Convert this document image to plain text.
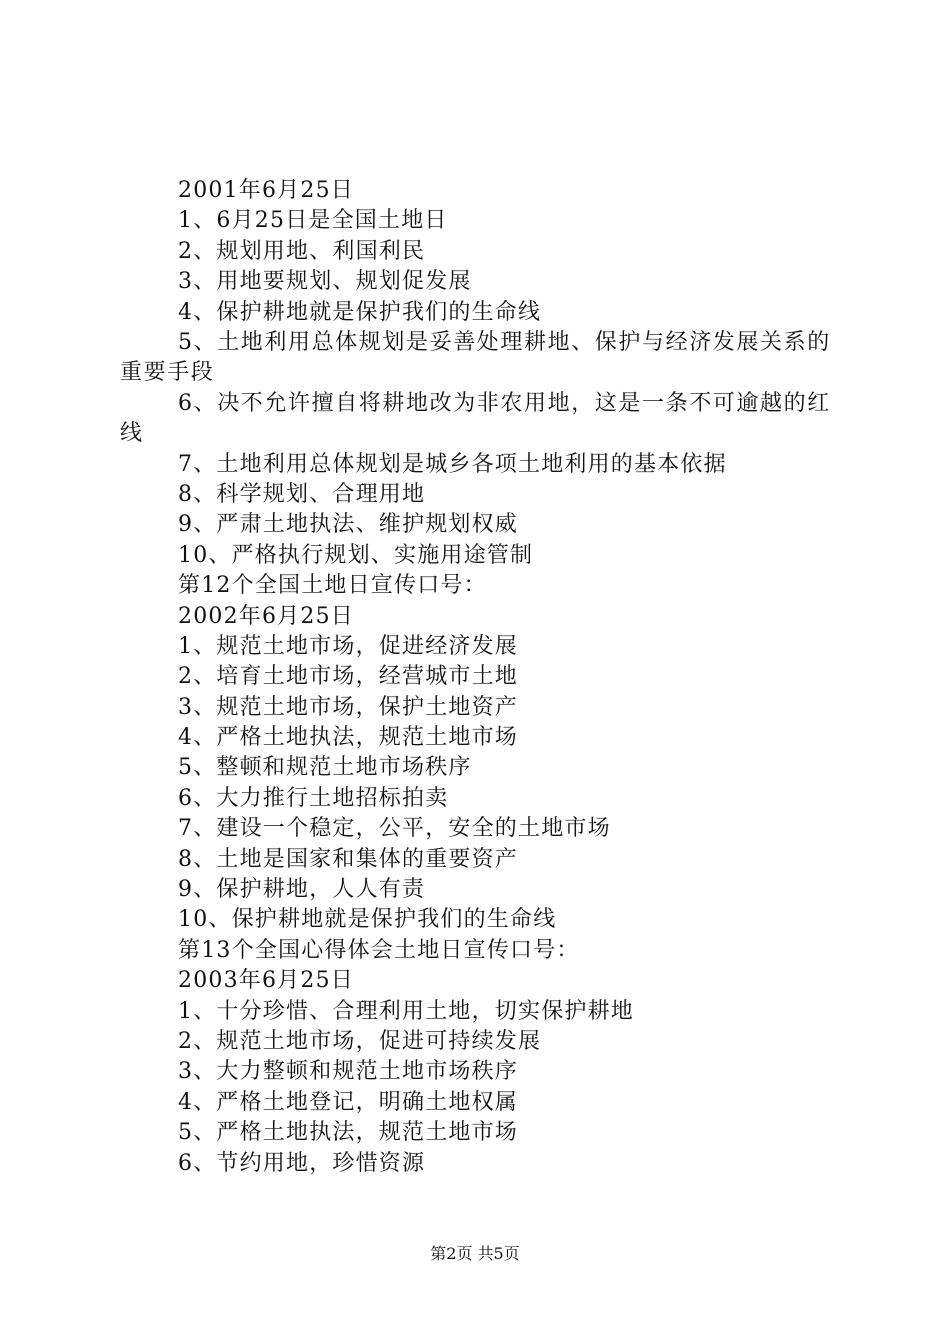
2001年6月25日
1、6月25日是全国土地日
2、规划用地、利国利民
3、用地要规划、规划促发展
4、保护耕地就是保护我们的生命线
5、土地利用总体规划是妥善处理耕地、保护与经济发展关系的重要手段
6、决不允许擅自将耕地改为非农用地，这是一条不可逾越的红线
7、土地利用总体规划是城乡各项土地利用的基本依据
8、科学规划、合理用地
9、严肃土地执法、维护规划权威
10、严格执行规划、实施用途管制
第12个全国土地日宣传口号：
2002年6月25日
1、规范土地市场，促进经济发展
2、培育土地市场，经营城市土地
3、规范土地市场，保护土地资产
4、严格土地执法，规范土地市场
5、整顿和规范土地市场秩序
6、大力推行土地招标拍卖
7、建设一个稳定，公平，安全的土地市场
8、土地是国家和集体的重要资产
9、保护耕地，人人有责
10、保护耕地就是保护我们的生命线
第13个全国心得体会土地日宣传口号：
2003年6月25日
1、十分珍惜、合理利用土地，切实保护耕地
2、规范土地市场，促进可持续发展
3、大力整顿和规范土地市场秩序
4、严格土地登记，明确土地权属
5、严格土地执法，规范土地市场
6、节约用地，珍惜资源
第2页 共5页
